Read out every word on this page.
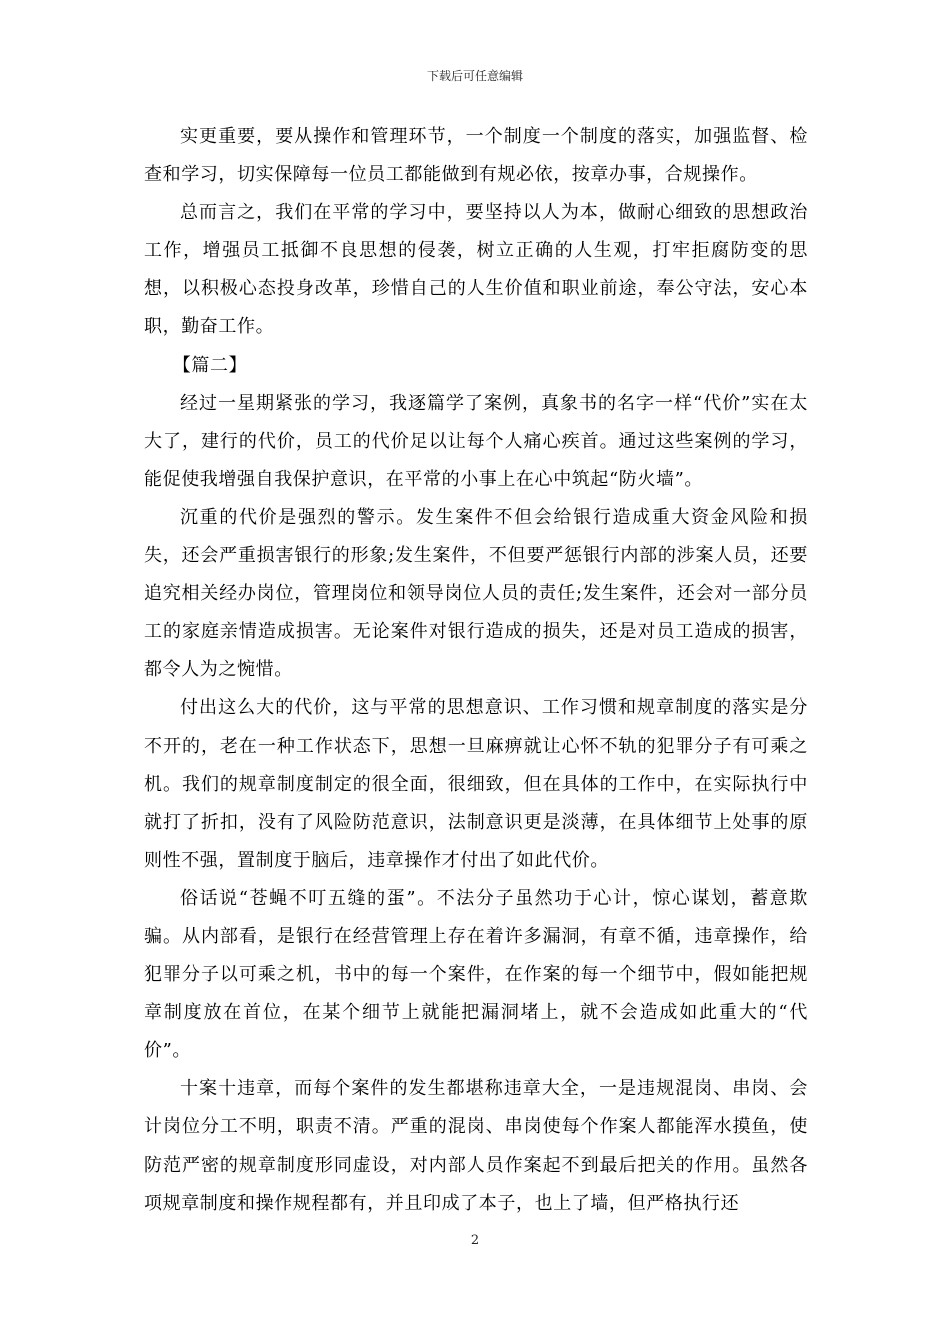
下载后可任意编辑

实更重要，要从操作和管理环节，一个制度一个制度的落实，加强监督、检查和学习，切实保障每一位员工都能做到有规必依，按章办事，合规操作。

总而言之，我们在平常的学习中，要坚持以人为本，做耐心细致的思想政治工作，增强员工抵御不良思想的侵袭，树立正确的人生观，打牢拒腐防变的思想，以积极心态投身改革，珍惜自己的人生价值和职业前途，奉公守法，安心本职，勤奋工作。

【篇二】

经过一星期紧张的学习，我逐篇学了案例，真象书的名字一样“代价”实在太大了，建行的代价，员工的代价足以让每个人痛心疾首。通过这些案例的学习，能促使我增强自我保护意识，在平常的小事上在心中筑起“防火墙”。

沉重的代价是强烈的警示。发生案件不但会给银行造成重大资金风险和损失，还会严重损害银行的形象;发生案件，不但要严惩银行内部的涉案人员，还要追究相关经办岗位，管理岗位和领导岗位人员的责任;发生案件，还会对一部分员工的家庭亲情造成损害。无论案件对银行造成的损失，还是对员工造成的损害，都令人为之惋惜。

付出这么大的代价，这与平常的思想意识、工作习惯和规章制度的落实是分不开的，老在一种工作状态下，思想一旦麻痹就让心怀不轨的犯罪分子有可乘之机。我们的规章制度制定的很全面，很细致，但在具体的工作中，在实际执行中就打了折扣，没有了风险防范意识，法制意识更是淡薄，在具体细节上处事的原则性不强，置制度于脑后，违章操作才付出了如此代价。

俗话说“苍蝇不叮五缝的蛋”。不法分子虽然功于心计，惊心谋划，蓄意欺骗。从内部看，是银行在经营管理上存在着许多漏洞，有章不循，违章操作，给犯罪分子以可乘之机，书中的每一个案件，在作案的每一个细节中，假如能把规章制度放在首位，在某个细节上就能把漏洞堵上，就不会造成如此重大的“代价”。

十案十违章，而每个案件的发生都堪称违章大全，一是违规混岗、串岗、会计岗位分工不明，职责不清。严重的混岗、串岗使每个作案人都能浑水摸鱼，使防范严密的规章制度形同虚设，对内部人员作案起不到最后把关的作用。虽然各项规章制度和操作规程都有，并且印成了本子，也上了墙，但严格执行还

2
